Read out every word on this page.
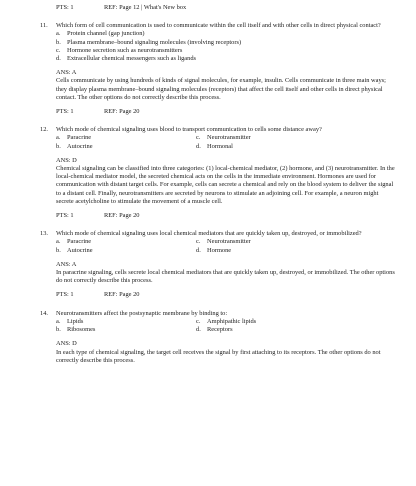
PTS: 1	REF: Page 12 | What's New box
11.	Which form of cell communication is used to communicate within the cell itself and with other cells in direct physical contact?
a.	Protein channel (gap junction)
b. Plasma membrane–bound signaling molecules (involving receptors)
c.	Hormone secretion such as neurotransmitters
d. Extracellular chemical messengers such as ligands
ANS: A
Cells communicate by using hundreds of kinds of signal molecules, for example, insulin. Cells communicate in three main ways; they display plasma membrane–bound signaling molecules (receptors) that affect the cell itself and other cells in direct physical contact. The other options do not correctly describe this process.
PTS: 1	REF: Page 20
12.	Which mode of chemical signaling uses blood to transport communication to cells some distance away?
a.	Paracrine	c.	Neurotransmitter
b. Autocrine	d. Hormonal
ANS: D
Chemical signaling can be classified into three categories: (1) local-chemical mediator, (2) hormone, and (3) neurotransmitter. In the local-chemical mediator model, the secreted chemical acts on the cells in the immediate environment. Hormones are used for communication with distant target cells. For example, cells can secrete a chemical and rely on the blood system to deliver the signal to a distant cell. Finally, neurotransmitters are secreted by neurons to stimulate an adjoining cell. For example, a neuron might secrete acetylcholine to stimulate the movement of a muscle cell.
PTS: 1	REF: Page 20
13.	Which mode of chemical signaling uses local chemical mediators that are quickly taken up, destroyed, or immobilized?
a.	Paracrine	c.	Neurotransmitter
b. Autocrine	d. Hormone
ANS: A
In paracrine signaling, cells secrete local chemical mediators that are quickly taken up, destroyed, or immobilized. The other options do not correctly describe this process.
PTS: 1	REF: Page 20
14.	Neurotransmitters affect the postsynaptic membrane by binding to:
a.	Lipids	c.	Amphipathic lipids
b. Ribosomes	d. Receptors
ANS: D
In each type of chemical signaling, the target cell receives the signal by first attaching to its receptors. The other options do not correctly describe this process.
